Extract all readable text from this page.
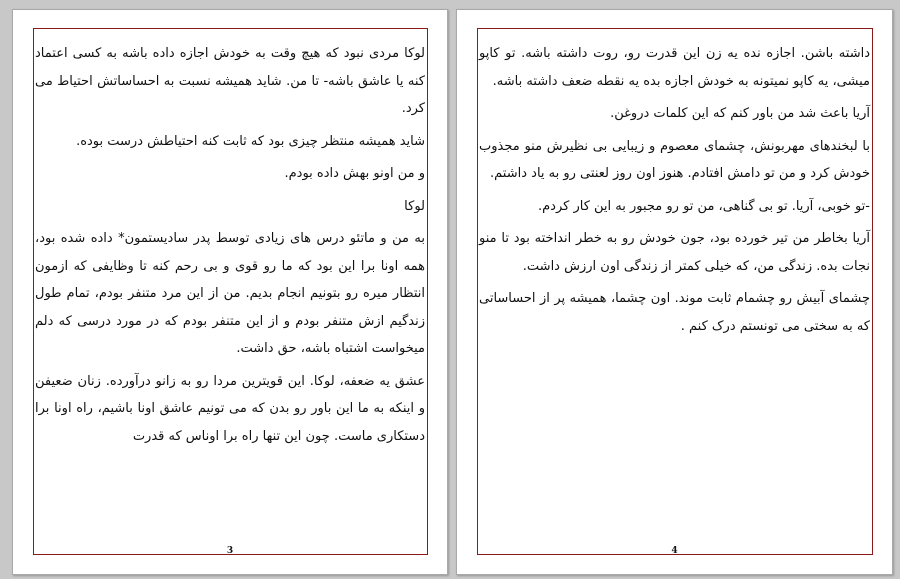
لوکا مردی نبود که هیچ وقت به خودش اجازه داده باشه به کسی اعتماد کنه یا عاشق باشه- تا من. شاید همیشه نسبت به احساساتش احتیاط می کرد.

شاید همیشه منتظر چیزی بود که ثابت کنه احتیاطش درست بوده.

و من اونو بهش داده بودم.

لوکا

به من و ماتئو درس های زیادی توسط پدر سادیستمون* داده شده بود، همه اونا برا این بود که ما رو قوی و بی رحم کنه تا وظایفی که ازمون انتظار میره رو بتونیم انجام بدیم. من از این مرد متنفر بودم، تمام طول زندگیم ازش متنفر بودم و از این متنفر بودم که در مورد درسی که دلم میخواست اشتباه باشه، حق داشت.

عشق یه ضعفه، لوکا. این قویترین مردا رو به زانو درآورده. زنان ضعیفن و اینکه به ما این باور رو بدن که می تونیم عاشق اونا باشیم، راه اونا برا دستکاری ماست. چون این تنها راه برا اوناس که قدرت

3

داشته باشن. اجازه نده یه زن این قدرت رو، روت داشته باشه. تو کاپو میشی، یه کاپو نمیتونه به خودش اجازه بده یه نقطه ضعف داشته باشه.

آریا باعث شد من باور کنم که این کلمات دروغن.

با لبخندهای مهربونش، چشمای معصوم و زیبایی بی نظیرش منو مجذوب خودش کرد و من تو دامش افتادم. هنوز اون روز لعنتی رو به یاد داشتم.

-تو خوبی، آریا. تو بی گناهی، من تو رو مجبور به این کار کردم.

آریا بخاطر من تیر خورده بود، جون خودش رو به خطر انداخته بود تا منو نجات بده. زندگی من، که خیلی کمتر از زندگی اون ارزش داشت.

چشمای آبیش رو چشمام ثابت موند. اون چشما، همیشه پر از احساساتی که به سختی می تونستم درک کنم .

4
